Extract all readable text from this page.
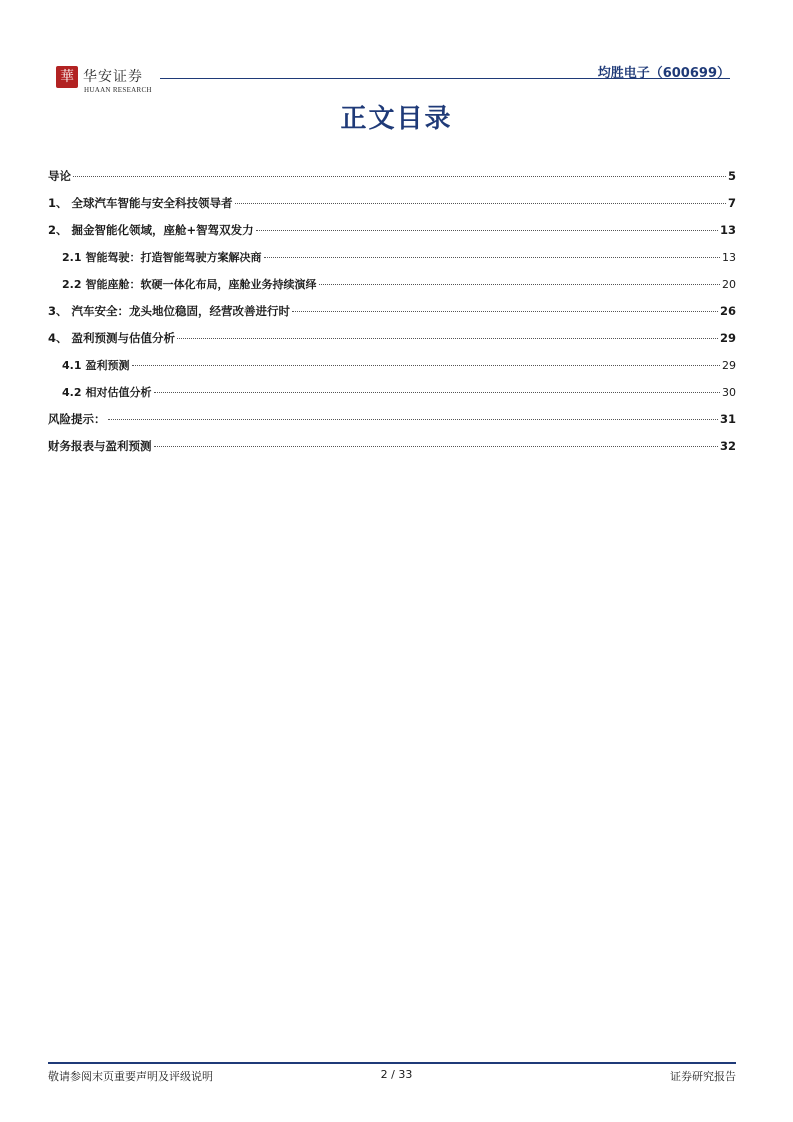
華 华安证券
HUAAN RESEARCH
均胜电子（600699）
正文目录
导论	5
1、 全球汽车智能与安全科技领导者	7
2、 掘金智能化领域，座舱+智驾双发力	13
2.1 智能驾驶：打造智能驾驶方案解决商	13
2.2 智能座舱：软硬一体化布局，座舱业务持续演绎	20
3、 汽车安全：龙头地位稳固，经营改善进行时	26
4、 盈利预测与估值分析	29
4.1 盈利预测	29
4.2 相对估值分析	30
风险提示：	31
财务报表与盈利预测	32
敬请参阅末页重要声明及评级说明	2 / 33	证券研究报告
